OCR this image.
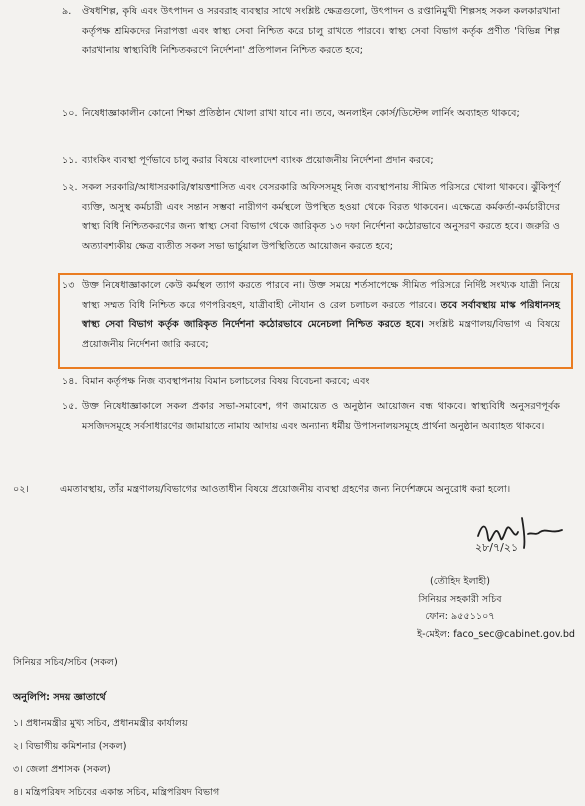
৯.	ঔষধশিল্প, কৃষি এবং উৎপাদন ও সরবরাহ ব্যবস্থার সাথে সংশ্লিষ্ট ক্ষেত্রগুলো, উৎপাদন ও রপ্তানিমুখী শিল্পসহ সকল কলকারখানা কর্তৃপক্ষ শ্রমিকদের নিরাপত্তা এবং স্বাস্থ্য সেবা নিশ্চিত করে চালু রাখতে পারবে। স্বাস্থ্য সেবা বিভাগ কর্তৃক প্রণীত 'বিভিন্ন শিল্প কারখানায় স্বাস্থ্যবিধি নিশ্চিতকরণে নির্দেশনা' প্রতিপালন নিশ্চিত করতে হবে;
১০. নিষেধাজ্ঞাকালীন কোনো শিক্ষা প্রতিষ্ঠান খোলা রাখা যাবে না। তবে, অনলাইন কোর্স/ডিস্টেন্স লার্নিং অব্যাহত থাকবে;
১১. ব্যাংকিং ব্যবস্থা পূর্ণভাবে চালু করার বিষয়ে বাংলাদেশ ব্যাংক প্রয়োজনীয় নির্দেশনা প্রদান করবে;
১২. সকল সরকারি/আধাসরকারি/স্বায়ত্তশাসিত এবং বেসরকারি অফিসসমূহ নিজ ব্যবস্থাপনায় সীমিত পরিসরে খোলা থাকবে। ঝুঁকিপূর্ণ ব্যক্তি, অসুস্থ কর্মচারী এবং সন্তান সম্ভবা নারীগণ কর্মস্থলে উপস্থিত হওয়া থেকে বিরত থাকবেন। এক্ষেত্রে কর্মকর্তা-কর্মচারীদের স্বাস্থ্য বিধি নিশ্চিতকরণের জন্য স্বাস্থ্য সেবা বিভাগ থেকে জারিকৃত ১৩ দফা নির্দেশনা কঠোরভাবে অনুসরণ করতে হবে। জরুরি ও অত্যাবশ্যকীয় ক্ষেত্র ব্যতীত সকল সভা ভার্চুয়াল উপস্থিতিতে আয়োজন করতে হবে;
১৩ উক্ত নিষেধাজ্ঞাকালে কেউ কর্মস্থল ত্যাগ করতে পারবে না। উক্ত সময়ে শর্তসাপেক্ষে সীমিত পরিসরে নির্দিষ্ট সংখ্যক যাত্রী নিয়ে স্বাস্থ্য সম্মত বিধি নিশ্চিত করে গণপরিবহণ, যাত্রীবাহী নৌযান ও রেল চলাচল করতে পারবে। তবে সর্বাবস্থায় মাস্ক পরিধানসহ স্বাস্থ্য সেবা বিভাগ কর্তৃক জারিকৃত নির্দেশনা কঠোরভাবে মেনেচলা নিশ্চিত করতে হবে। সংশ্লিষ্ট মন্ত্রণালয়/বিভাগ এ বিষয়ে প্রয়োজনীয় নির্দেশনা জারি করবে;
১৪. বিমান কর্তৃপক্ষ নিজ ব্যবস্থাপনায় বিমান চলাচলের বিষয় বিবেচনা করবে; এবং
১৫. উক্ত নিষেধাজ্ঞাকালে সকল প্রকার সভা-সমাবেশ, গণ জমায়েত ও অনুষ্ঠান আয়োজন বন্ধ থাকবে। স্বাস্থ্যবিধি অনুসরণপূর্বক মসজিদসমূহে সর্বসাধারণের জামায়াতে নামায আদায় এবং অন্যান্য ধর্মীয় উপাসনালয়সমূহে প্রার্থনা অনুষ্ঠান অব্যাহত থাকবে।
০২।	এমতাবস্থায়, তাঁর মন্ত্রণালয়/বিভাগের আওতাধীন বিষয়ে প্রয়োজনীয় ব্যবস্থা গ্রহণের জন্য নির্দেশক্রমে অনুরোধ করা হলো।
২৮/৭/২১
(তৌহিদ ইলাহী)
সিনিয়র সহকারী সচিব
ফোন: ৯৫৫১১০৭
ই-মেইল: faco_sec@cabinet.gov.bd
সিনিয়র সচিব/সচিব (সকল)
অনুলিপি: সদয় জ্ঞাতার্থে
১। প্রধানমন্ত্রীর মুখ্য সচিব, প্রধানমন্ত্রীর কার্যালয়
২। বিভাগীয় কমিশনার (সকল)
৩। জেলা প্রশাসক (সকল)
৪। মন্ত্রিপরিষদ সচিবের একান্ত সচিব, মন্ত্রিপরিষদ বিভাগ
